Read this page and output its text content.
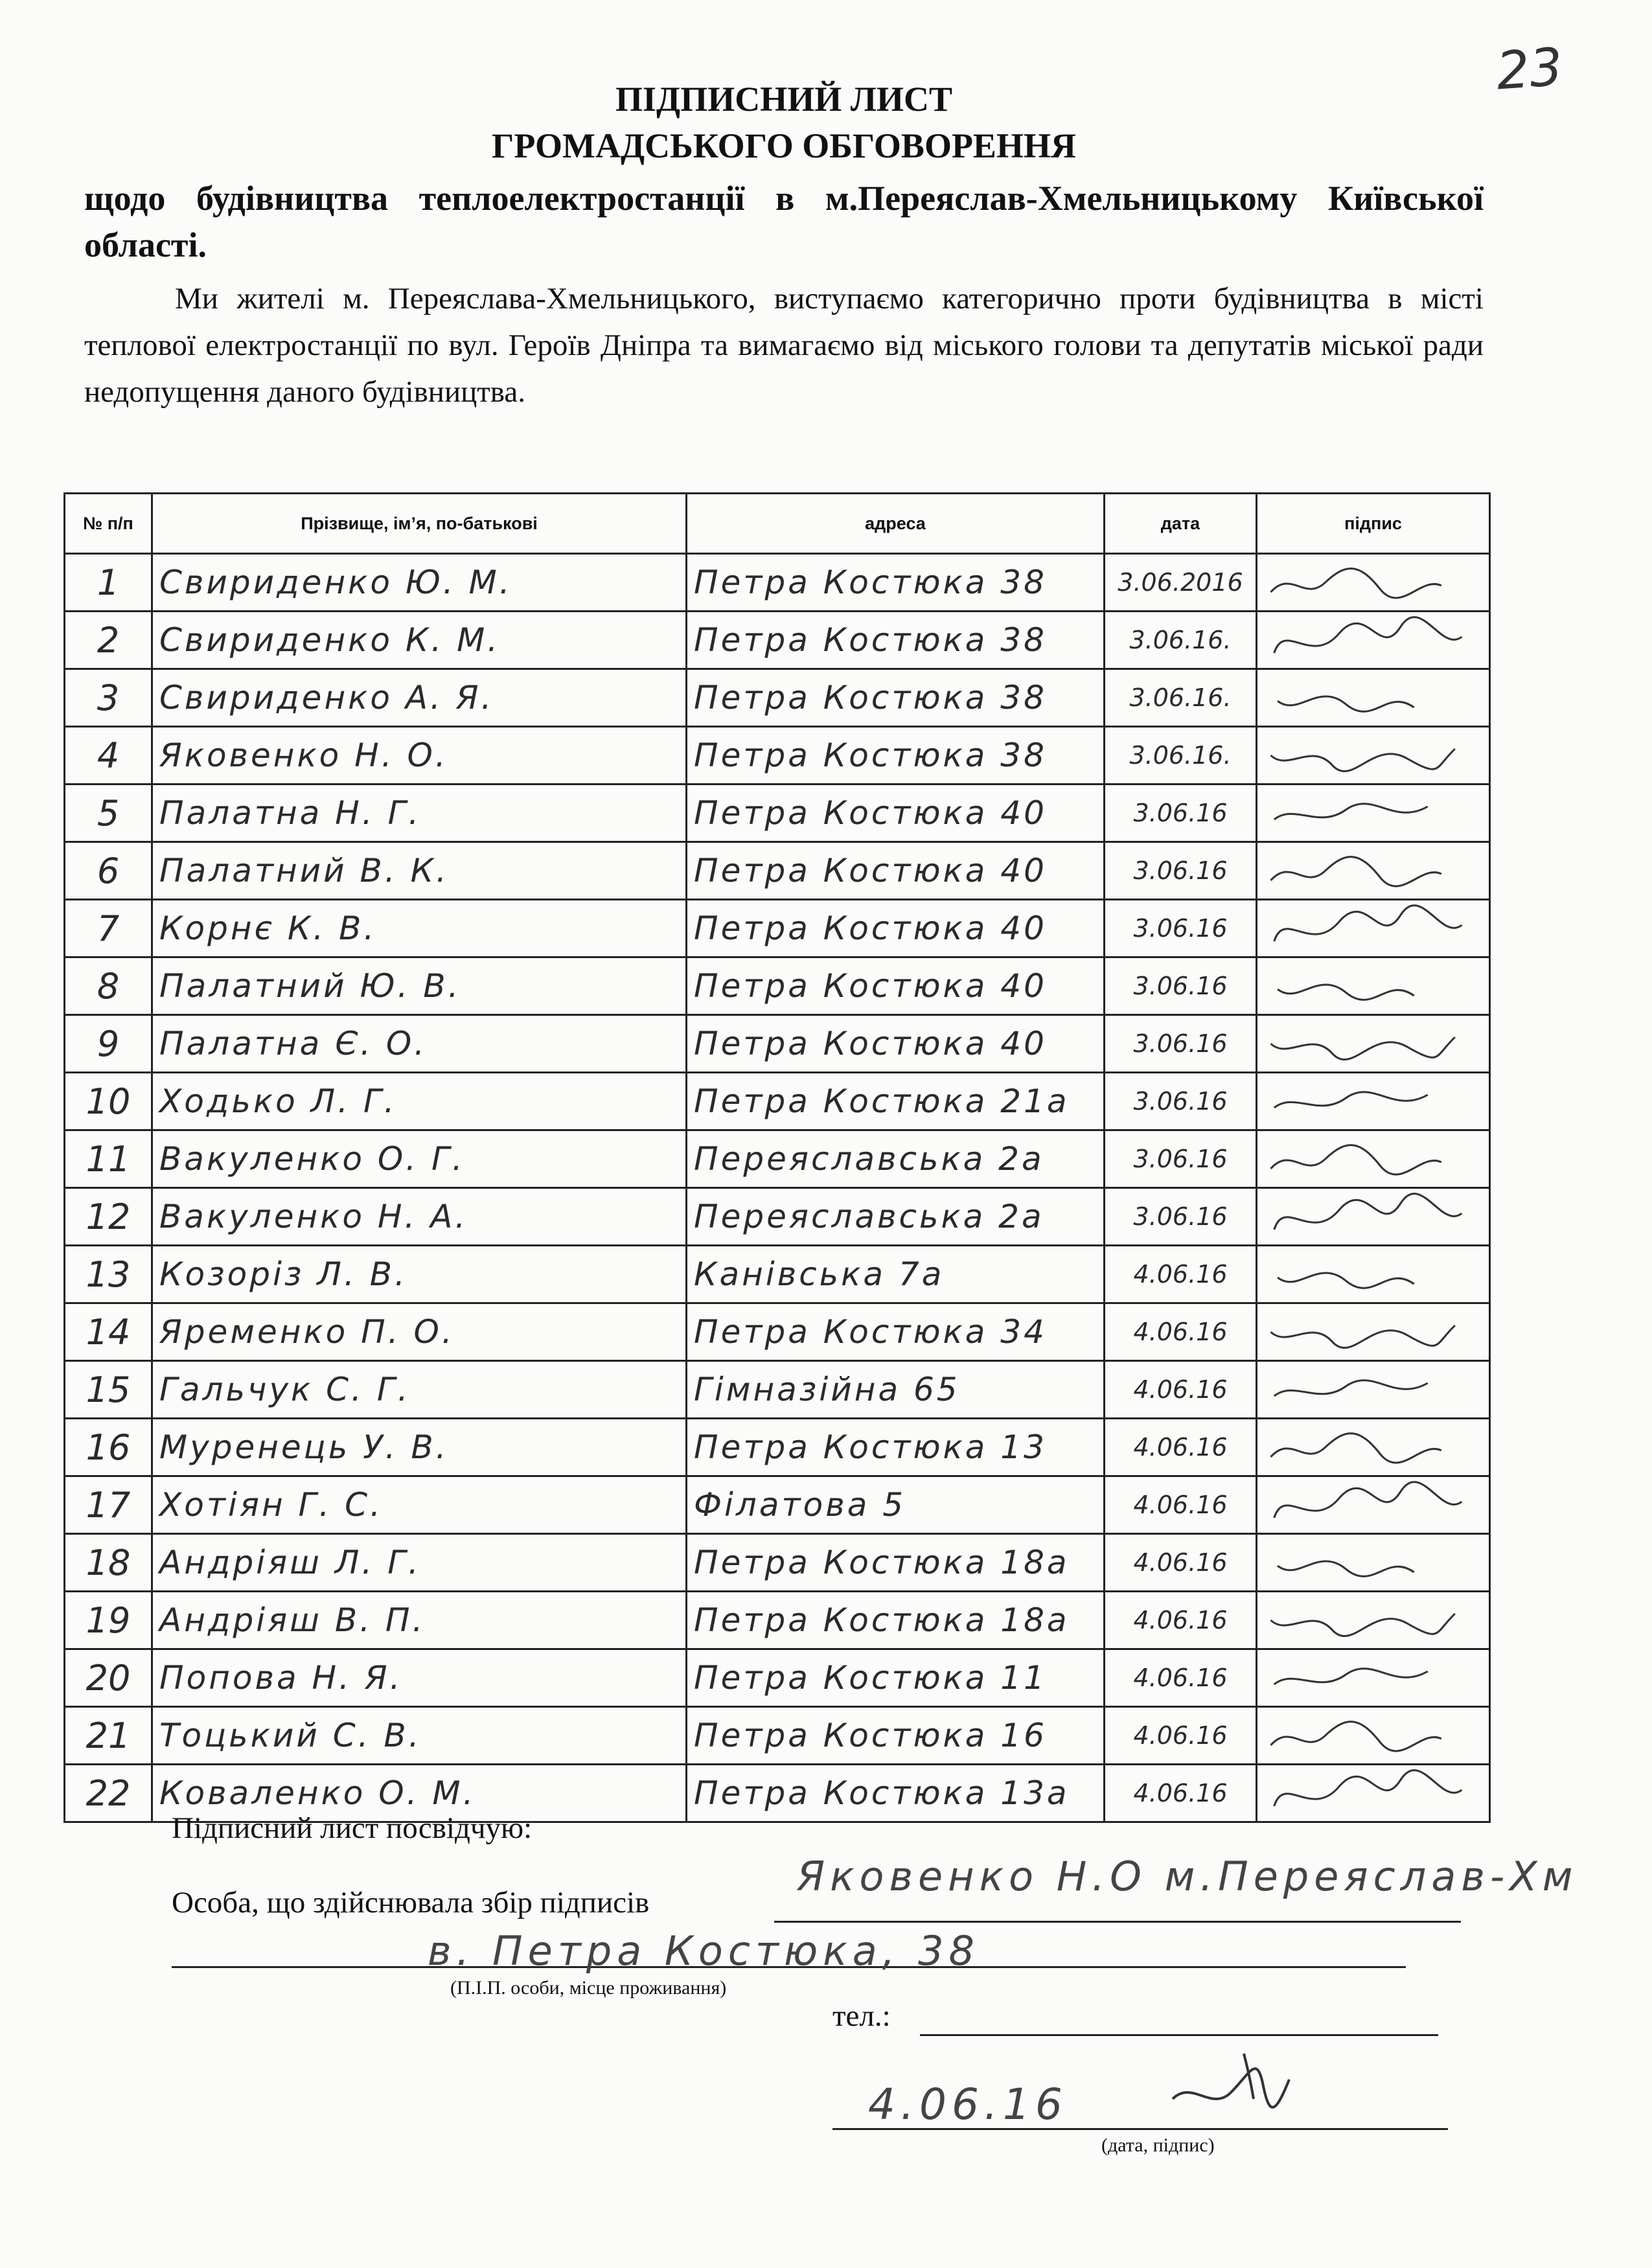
23
ПІДПИСНИЙ ЛИСТ
ГРОМАДСЬКОГО ОБГОВОРЕННЯ

щодо будівництва теплоелектростанції в м.Переяслав-Хмельницькому Київської області.

Ми жителі м. Переяслава-Хмельницького, виступаємо категорично проти будівництва в місті теплової електростанції по вул. Героїв Дніпра та вимагаємо від міського голови та депутатів міської ради недопущення даного будівництва.

№ п/п	Прізвище, ім’я, по-батькові	адреса	дата	підпис
1	Свириденко Ю. М.	Петра Костюка 38	3.06.2016	

2	Свириденко К. М.	Петра Костюка 38	3.06.16.	

3	Свириденко А. Я.	Петра Костюка 38	3.06.16.	

4	Яковенко Н. О.	Петра Костюка 38	3.06.16.	

5	Палатна Н. Г.	Петра Костюка 40	3.06.16	

6	Палатний В. К.	Петра Костюка 40	3.06.16	

7	Корнє К. В.	Петра Костюка 40	3.06.16	

8	Палатний Ю. В.	Петра Костюка 40	3.06.16	

9	Палатна Є. О.	Петра Костюка 40	3.06.16	

10	Ходько Л. Г.	Петра Костюка 21а	3.06.16	

11	Вакуленко О. Г.	Переяславська 2а	3.06.16	

12	Вакуленко Н. А.	Переяславська 2а	3.06.16	

13	Козоріз Л. В.	Канівська 7а	4.06.16	

14	Яременко П. О.	Петра Костюка 34	4.06.16	

15	Гальчук С. Г.	Гімназійна 65	4.06.16	

16	Муренець У. В.	Петра Костюка 13	4.06.16	

17	Хотіян Г. С.	Філатова 5	4.06.16	

18	Андріяш Л. Г.	Петра Костюка 18а	4.06.16	

19	Андріяш В. П.	Петра Костюка 18а	4.06.16	

20	Попова Н. Я.	Петра Костюка 11	4.06.16	

21	Тоцький С. В.	Петра Костюка 16	4.06.16	

22	Коваленко О. М.	Петра Костюка 13а	4.06.16	
Підписний лист посвідчую:
Особа, що здійснювала збір підписів
Яковенко Н.О м.Переяслав-Хм
в. Петра Костюка, 38
(П.І.П. особи, місце проживання)
тел.:
4.06.16
(дата, підпис)
